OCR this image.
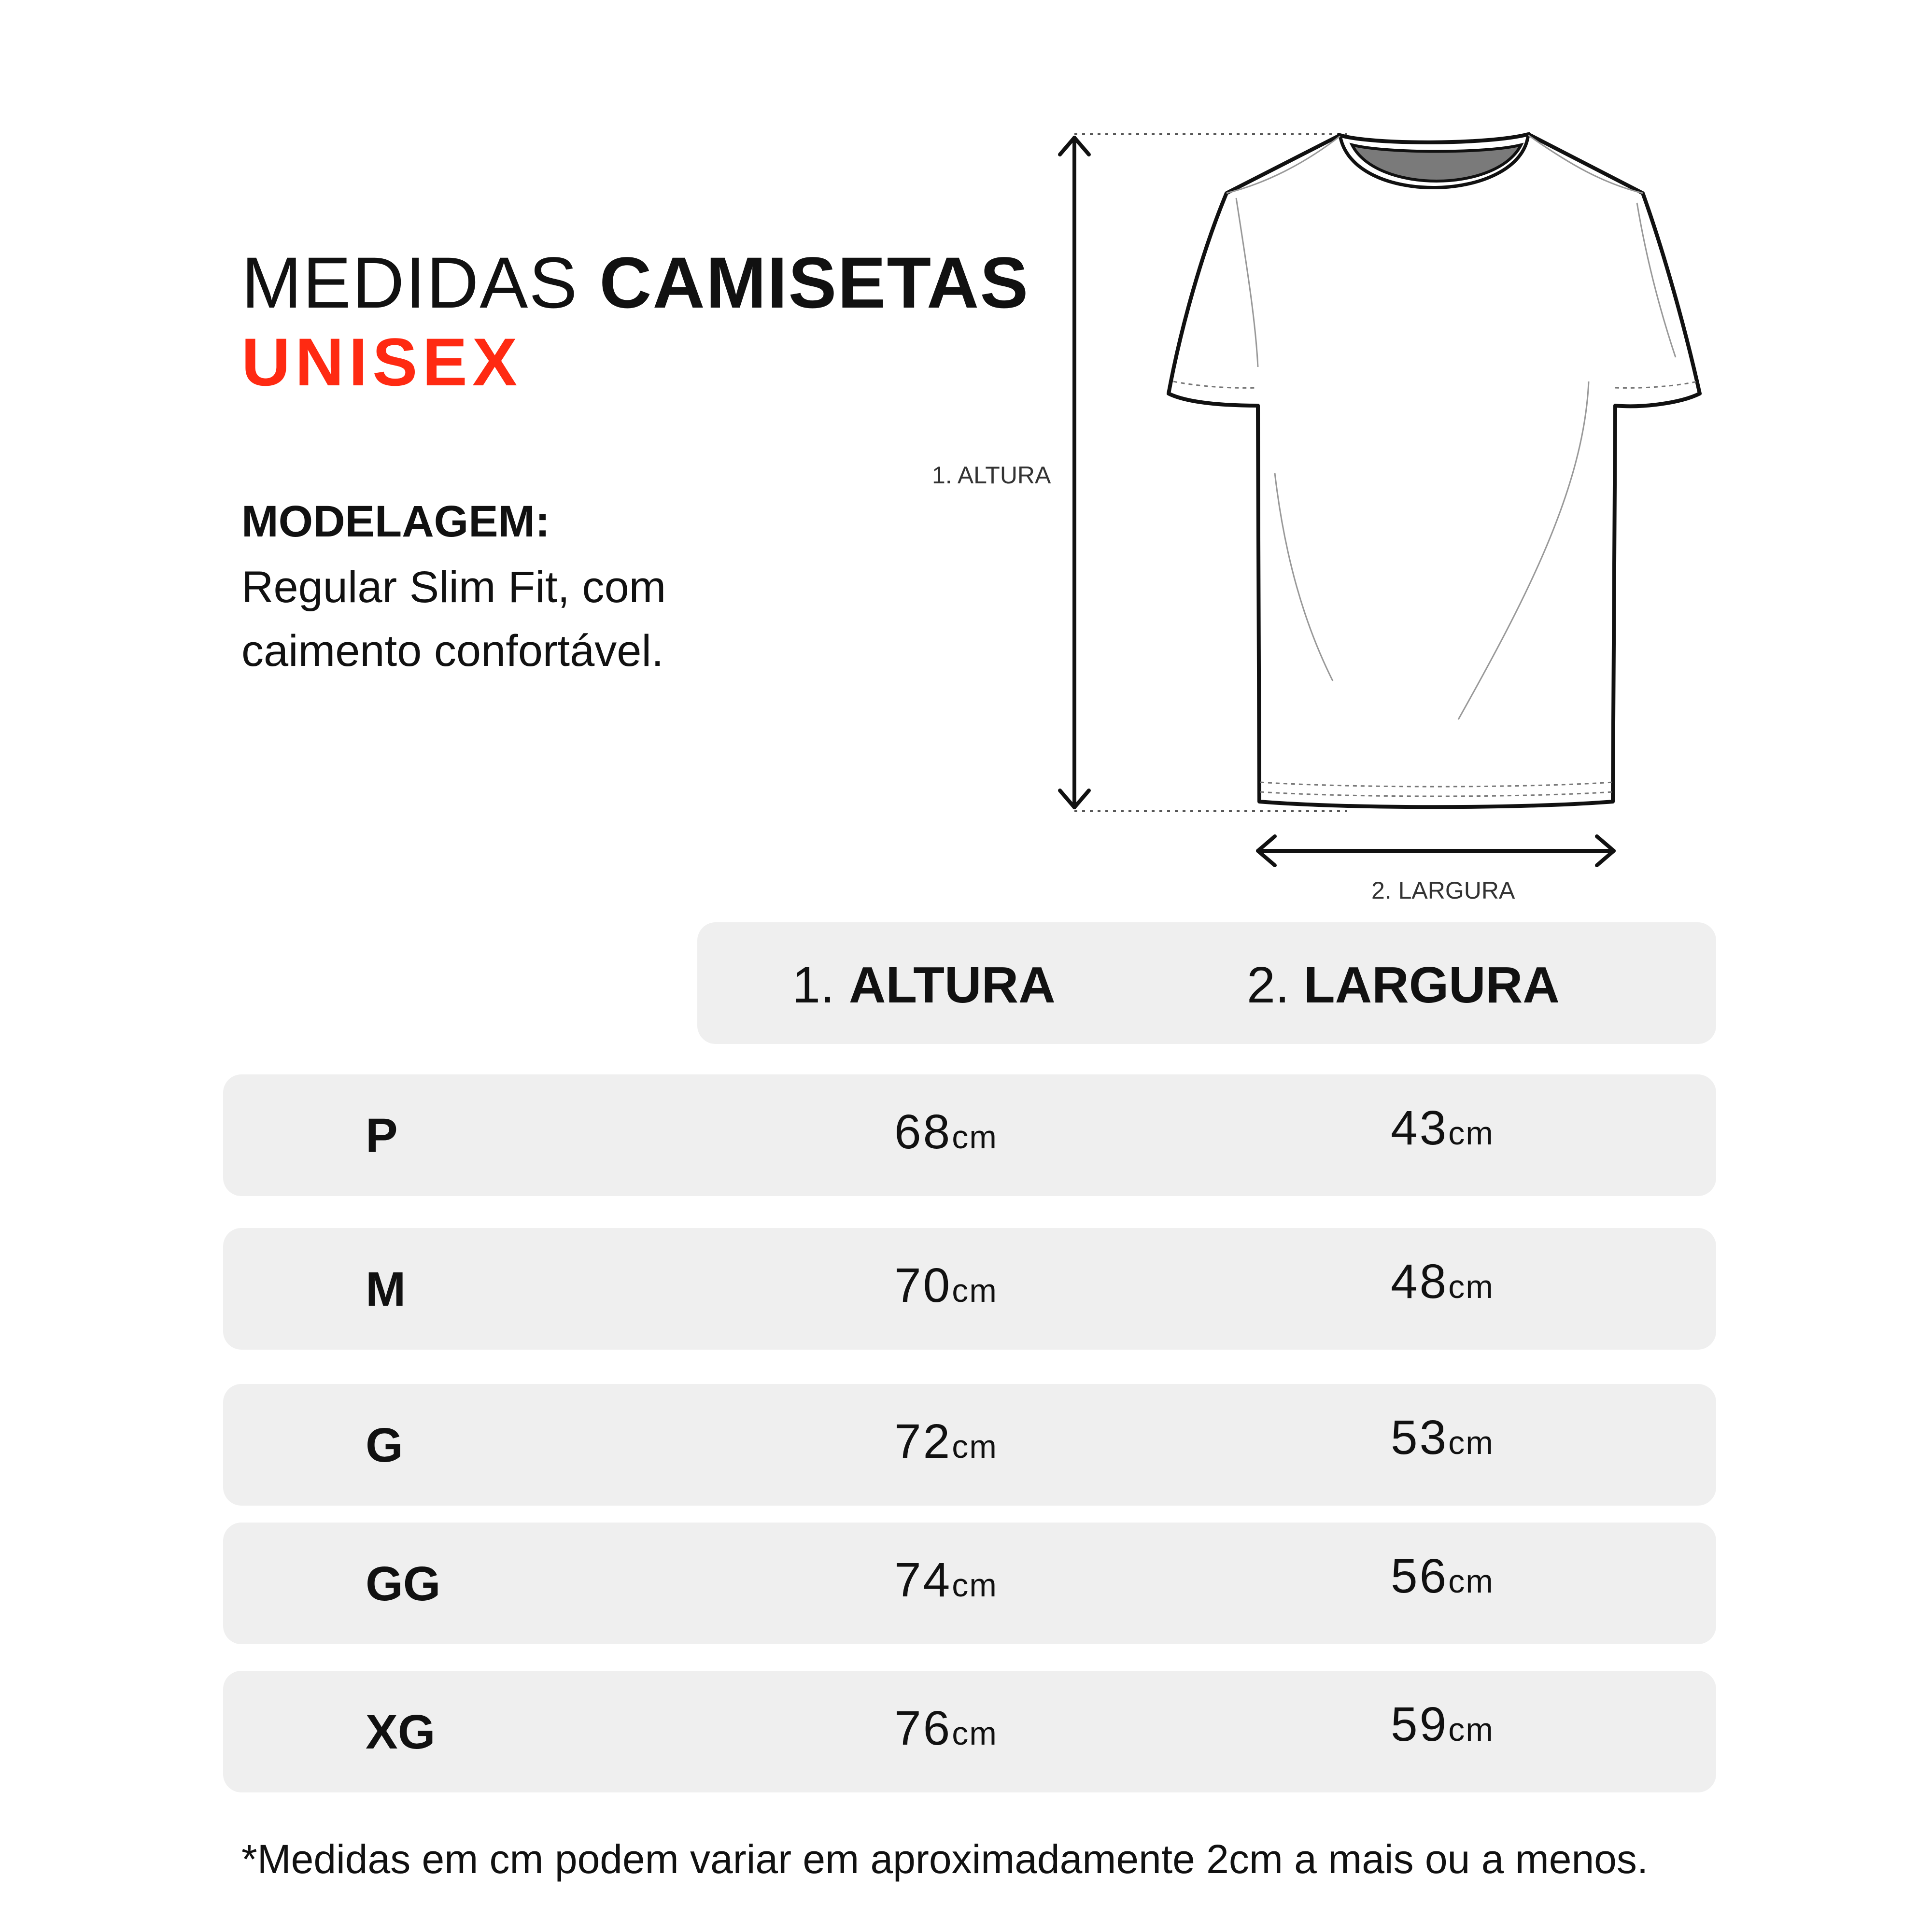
MEDIDAS CAMISETAS
UNISEX
MODELAGEM:
Regular Slim Fit, com
caimento confortável.
1. ALTURA
2. LARGURA
1. ALTURA	2. LARGURA
P	68cm	43cm
M	70cm	48cm
G	72cm	53cm
GG	74cm	56cm
XG	76cm	59cm
*Medidas em cm podem variar em aproximadamente 2cm a mais ou a menos.
